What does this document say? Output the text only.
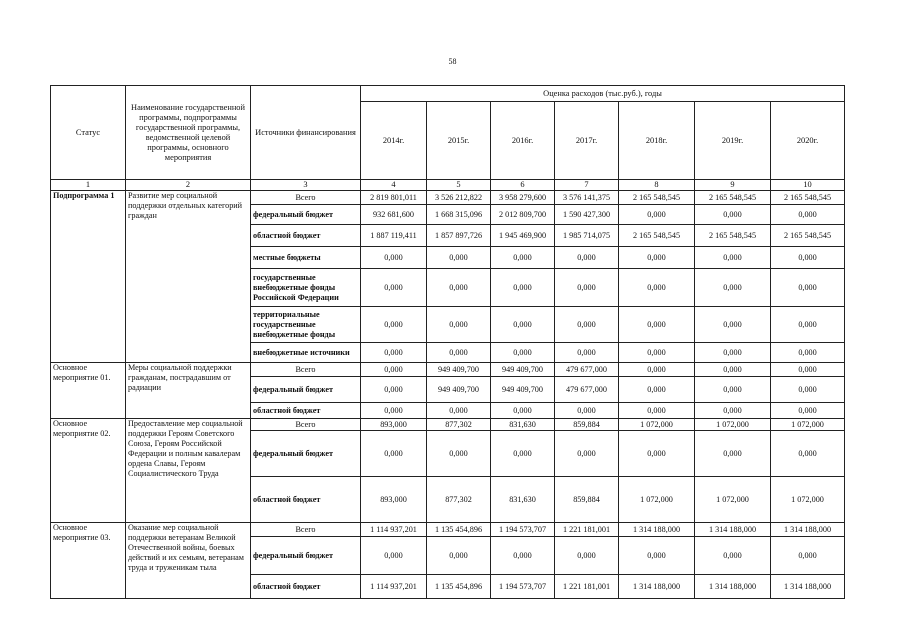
58
Статус	Наименование государственной программы, подпрограммы государственной программы, ведомственной целевой программы, основного мероприятия	Источники финансирования	Оценка расходов (тыс.руб.), годы						
			2014г.	2015г.	2016г.	2017г.	2018г.	2019г.	2020г.
1	2	3	4	5	6	7	8	9	10
Подпрограмма 1	Развитие мер социальной поддержки отдельных категорий граждан	Всего	2 819 801,011	3 526 212,822	3 958 279,600	3 576 141,375	2 165 548,545	2 165 548,545	2 165 548,545
		федеральный бюджет	932 681,600	1 668 315,096	2 012 809,700	1 590 427,300	0,000	0,000	0,000
		областной бюджет	1 887 119,411	1 857 897,726	1 945 469,900	1 985 714,075	2 165 548,545	2 165 548,545	2 165 548,545
		местные бюджеты	0,000	0,000	0,000	0,000	0,000	0,000	0,000
		государственные внебюджетные фонды Российской Федерации	0,000	0,000	0,000	0,000	0,000	0,000	0,000
		территориальные государственные внебюджетные фонды	0,000	0,000	0,000	0,000	0,000	0,000	0,000
		внебюджетные источники	0,000	0,000	0,000	0,000	0,000	0,000	0,000
Основное мероприятие 01.	Меры социальной поддержки гражданам, пострадавшим от радиации	Всего	0,000	949 409,700	949 409,700	479 677,000	0,000	0,000	0,000
		федеральный бюджет	0,000	949 409,700	949 409,700	479 677,000	0,000	0,000	0,000
		областной бюджет	0,000	0,000	0,000	0,000	0,000	0,000	0,000
Основное мероприятие 02.	Предоставление мер социальной поддержки Героям Советского Союза, Героям Российской Федерации и полным кавалерам ордена Славы, Героям Социалистического Труда	Всего	893,000	877,302	831,630	859,884	1 072,000	1 072,000	1 072,000
		федеральный бюджет	0,000	0,000	0,000	0,000	0,000	0,000	0,000
		областной бюджет	893,000	877,302	831,630	859,884	1 072,000	1 072,000	1 072,000
Основное мероприятие 03.	Оказание мер социальной поддержки ветеранам Великой Отечественной войны, боевых действий и их семьям, ветеранам труда и труженикам тыла	Всего	1 114 937,201	1 135 454,896	1 194 573,707	1 221 181,001	1 314 188,000	1 314 188,000	1 314 188,000
		федеральный бюджет	0,000	0,000	0,000	0,000	0,000	0,000	0,000
		областной бюджет	1 114 937,201	1 135 454,896	1 194 573,707	1 221 181,001	1 314 188,000	1 314 188,000	1 314 188,000
